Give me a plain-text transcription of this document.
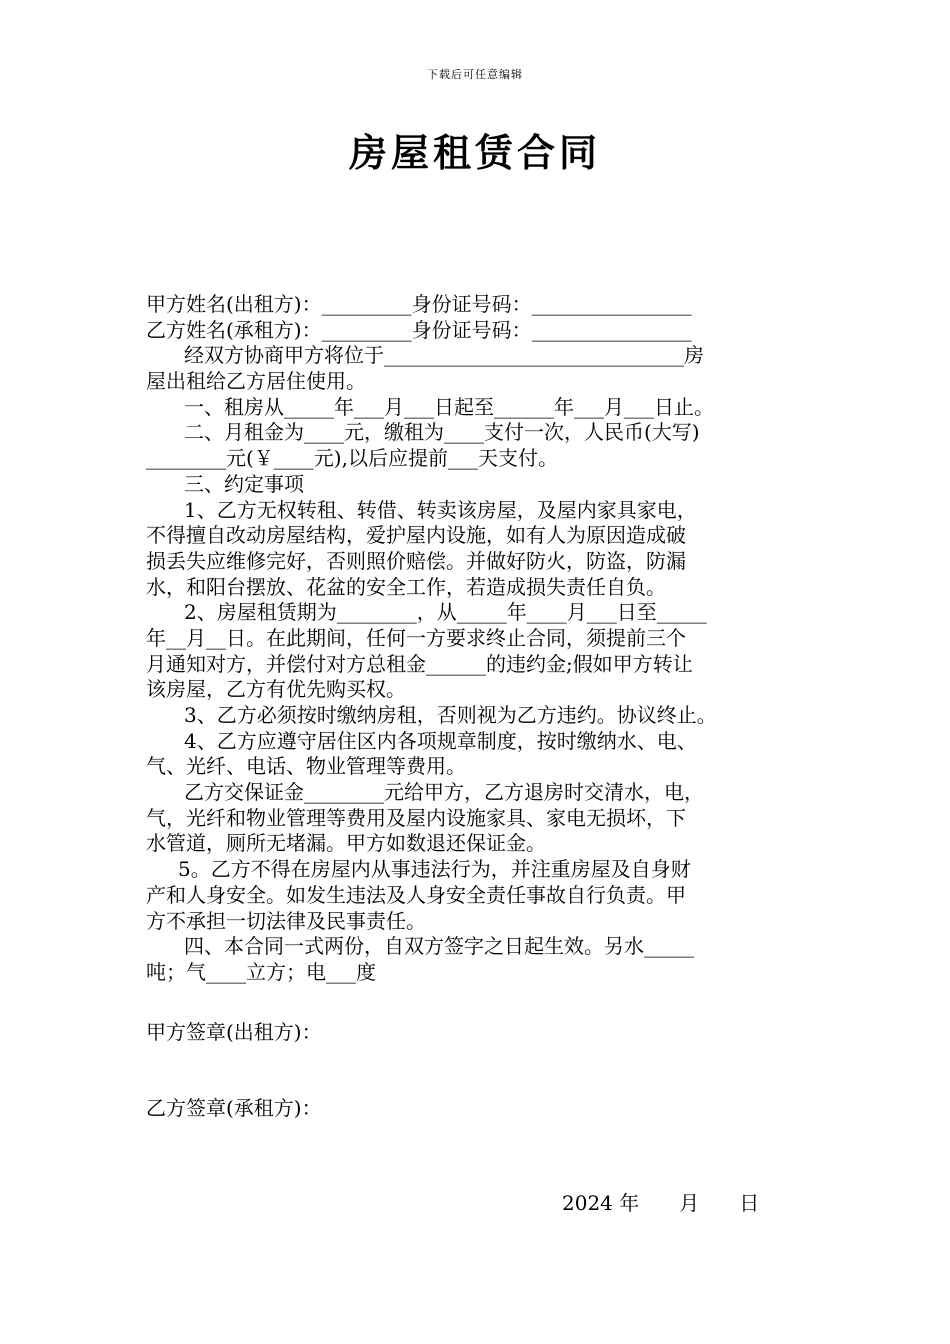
下载后可任意编辑
房屋租赁合同
甲方姓名(出租方)：_________身份证号码：________________
乙方姓名(承租方)：_________身份证号码：________________
经双方协商甲方将位于______________________________房
屋出租给乙方居住使用。
一、租房从_____年___月___日起至______年___月___日止。
二、月租金为____元，缴租为____支付一次，人民币(大写)
________元(￥____元),以后应提前___天支付。
三、约定事项
1、乙方无权转租、转借、转卖该房屋，及屋内家具家电，
不得擅自改动房屋结构，爱护屋内设施，如有人为原因造成破
损丢失应维修完好，否则照价赔偿。并做好防火，防盗，防漏
水，和阳台摆放、花盆的安全工作，若造成损失责任自负。
2、房屋租赁期为________，从_____年____月___日至_____
年__月__日。在此期间，任何一方要求终止合同，须提前三个
月通知对方，并偿付对方总租金______的违约金;假如甲方转让
该房屋，乙方有优先购买权。
3、乙方必须按时缴纳房租，否则视为乙方违约。协议终止。
4、乙方应遵守居住区内各项规章制度，按时缴纳水、电、
气、光纤、电话、物业管理等费用。
乙方交保证金________元给甲方，乙方退房时交清水，电，
气，光纤和物业管理等费用及屋内设施家具、家电无损坏，下
水管道，厕所无堵漏。甲方如数退还保证金。
5。乙方不得在房屋内从事违法行为，并注重房屋及自身财
产和人身安全。如发生违法及人身安全责任事故自行负责。甲
方不承担一切法律及民事责任。
四、本合同一式两份，自双方签字之日起生效。另水_____
吨；气____立方；电___度
甲方签章(出租方)：
乙方签章(承租方)：
2024 年　　月　　日
